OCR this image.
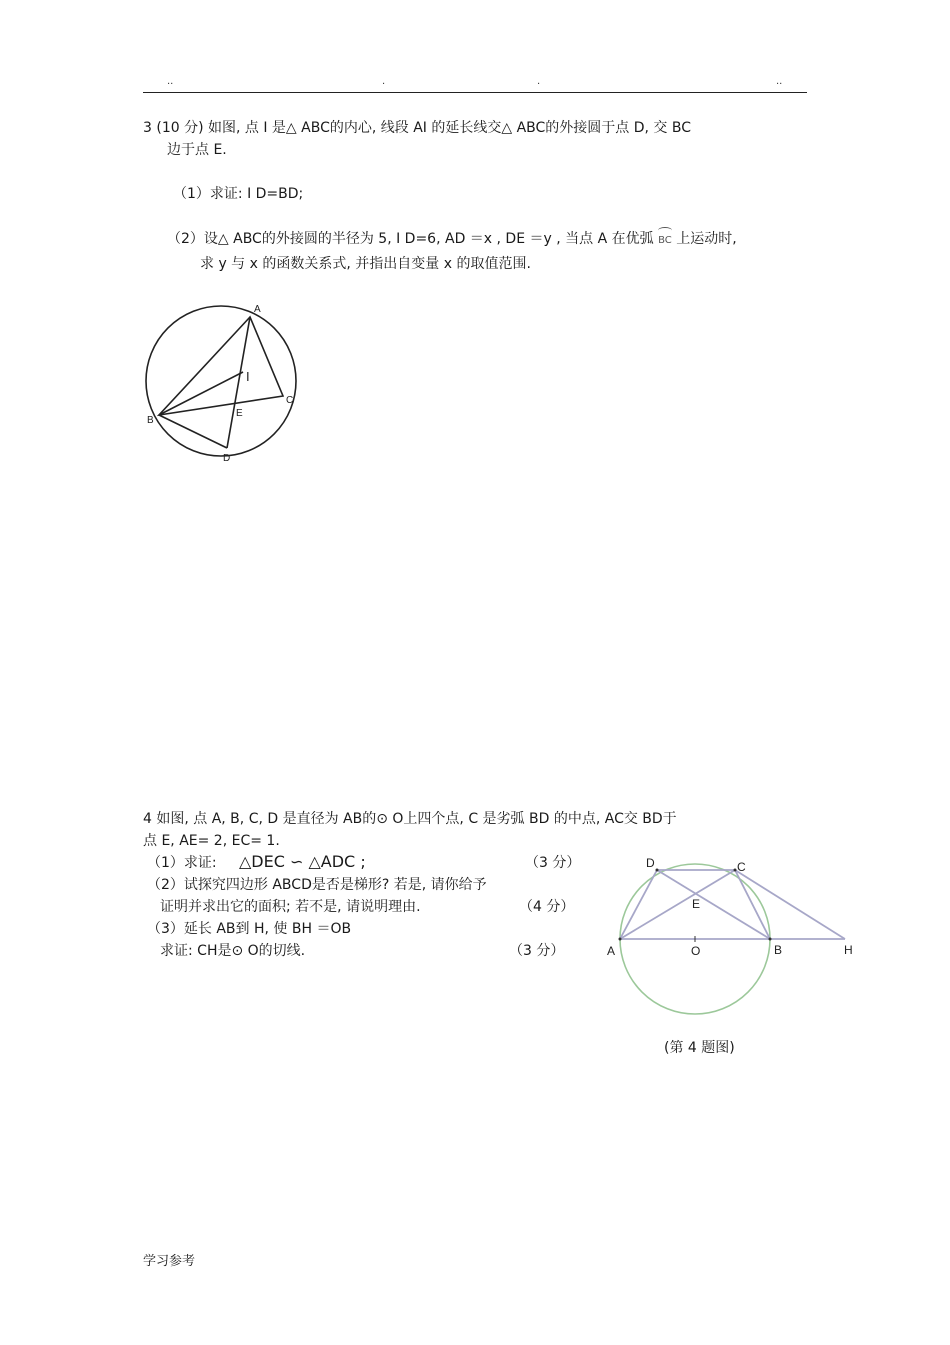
..	.	.	..
3 (10 分) 如图, 点 I 是△ ABC的内心, 线段 AI 的延长线交△ ABC的外接圆于点 D, 交 BC
边于点 E.
（1）求证: I D=BD;
（2）设△ ABC的外接圆的半径为 5, I D=6, AD ＝x , DE ＝y , 当点 A 在优弧 BC 上运动时,
求 y 与 x 的函数关系式, 并指出自变量 x 的取值范围.
A
B
C
D
E
I
4 如图, 点 A, B, C, D 是直径为 AB的⊙ O上四个点, C 是劣弧 BD 的中点, AC交 BD于
点 E, AE= 2, EC= 1.
（1）求证: △DEC ∽ △ADC ;	（3 分）
（2）试探究四边形 ABCD是否是梯形? 若是, 请你给予
证明并求出它的面积; 若不是, 请说明理由.	（4 分）
（3）延长 AB到 H, 使 BH ＝OB
求证: CH是⊙ O的切线.	（3 分）	A	B
C
D
E
O	H
(第 4 题图)
学习参考
